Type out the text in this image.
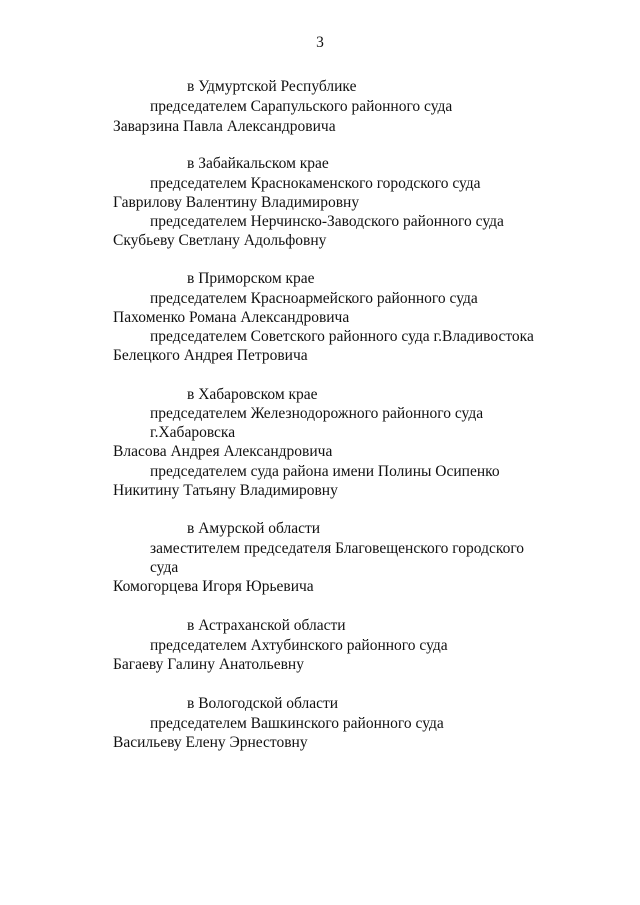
3
в Удмуртской Республике
председателем Сарапульского районного суда
Заварзина Павла Александровича
в Забайкальском крае
председателем Краснокаменского городского суда
Гаврилову Валентину Владимировну
председателем Нерчинско-Заводского районного суда
Скубьеву Светлану Адольфовну
в Приморском крае
председателем Красноармейского районного суда
Пахоменко Романа Александровича
председателем Советского районного суда г.Владивостока
Белецкого Андрея Петровича
в Хабаровском крае
председателем Железнодорожного районного суда
г.Хабаровска
Власова Андрея Александровича
председателем суда района имени Полины Осипенко
Никитину Татьяну Владимировну
в Амурской области
заместителем председателя Благовещенского городского
суда
Комогорцева Игоря Юрьевича
в Астраханской области
председателем Ахтубинского районного суда
Багаеву Галину Анатольевну
в Вологодской области
председателем Вашкинского районного суда
Васильеву Елену Эрнестовну
